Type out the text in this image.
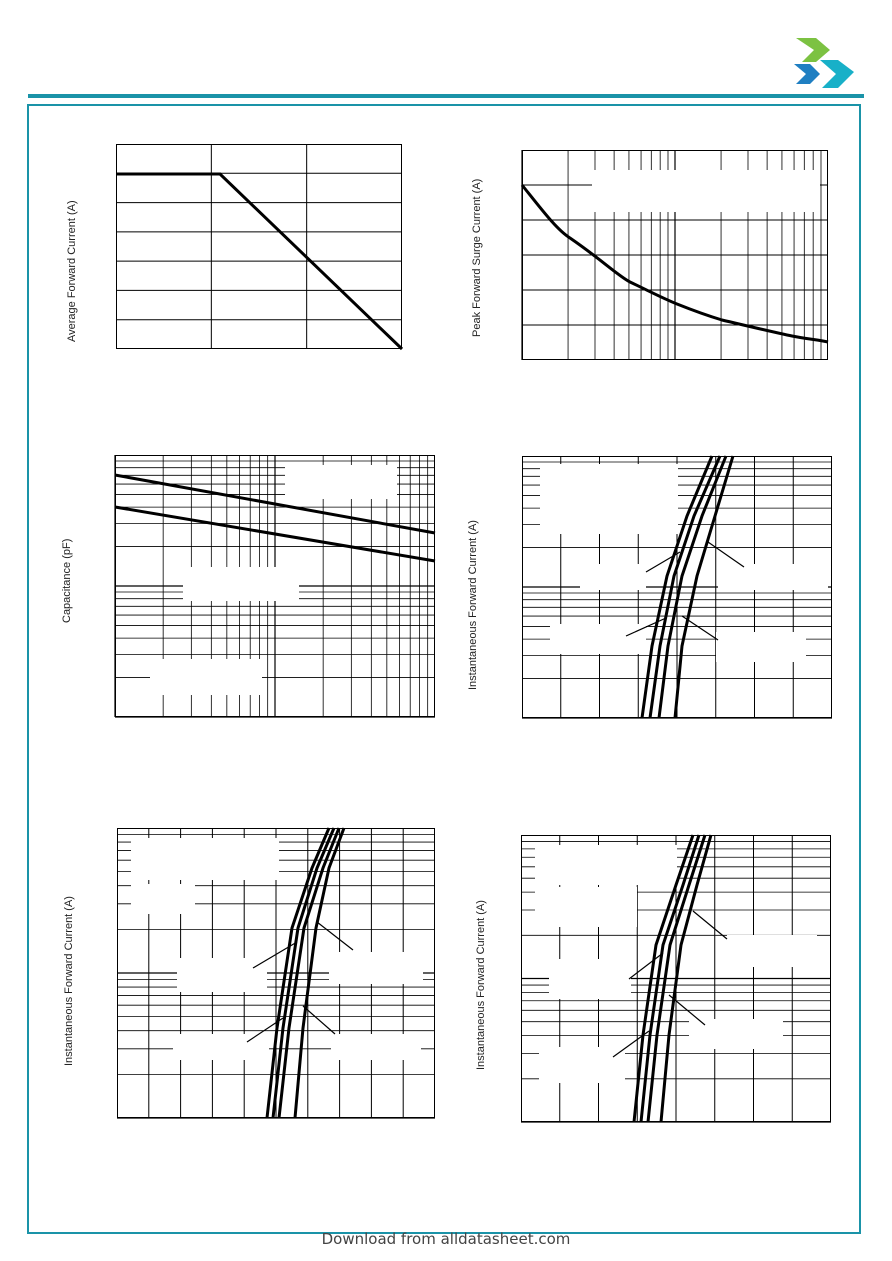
Average Forward Current (A)	Peak Forward Surge Current (A)
Capacitance (pF)	Instantaneous Forward Current (A)
Instantaneous Forward Current (A)	Instantaneous Forward Current (A)
Download from alldatasheet.com
